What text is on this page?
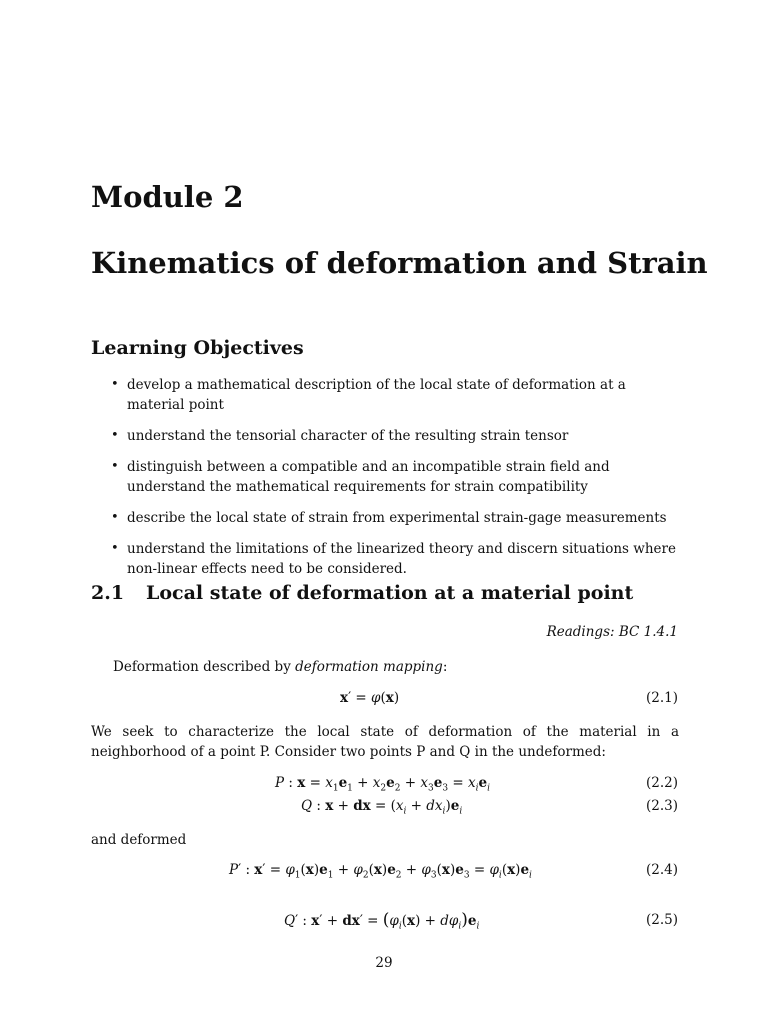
Module 2
Kinematics of deformation and Strain
Learning Objectives
• develop a mathematical description of the local state of deformation at a material point
• understand the tensorial character of the resulting strain tensor
• distinguish between a compatible and an incompatible strain field and understand the mathematical requirements for strain compatibility
• describe the local state of strain from experimental strain-gage measurements
• understand the limitations of the linearized theory and discern situations where non-linear effects need to be considered.
2.1 Local state of deformation at a material point
Readings: BC 1.4.1
Deformation described by deformation mapping:
x′ = φ(x)	(2.1)
We seek to characterize the local state of deformation of the material in a neighborhood of a point P. Consider two points P and Q in the undeformed:
P : $x = x_1e_1 + x_2e_2 + x_3e_3 = x_ie_i$	(2.2)
Q : x + dx = $(x_i + dx_i)e_i$	(2.3)
and deformed
P′ : $x' = \varphi_1(x)e_1 + \varphi_2(x)e_2 + \varphi_3(x)e_3 = \varphi_i(x)e_i$	(2.4)
Q′ : $x' + dx' = (\varphi_i(x) + d\varphi_i)e_i$	(2.5)
29
